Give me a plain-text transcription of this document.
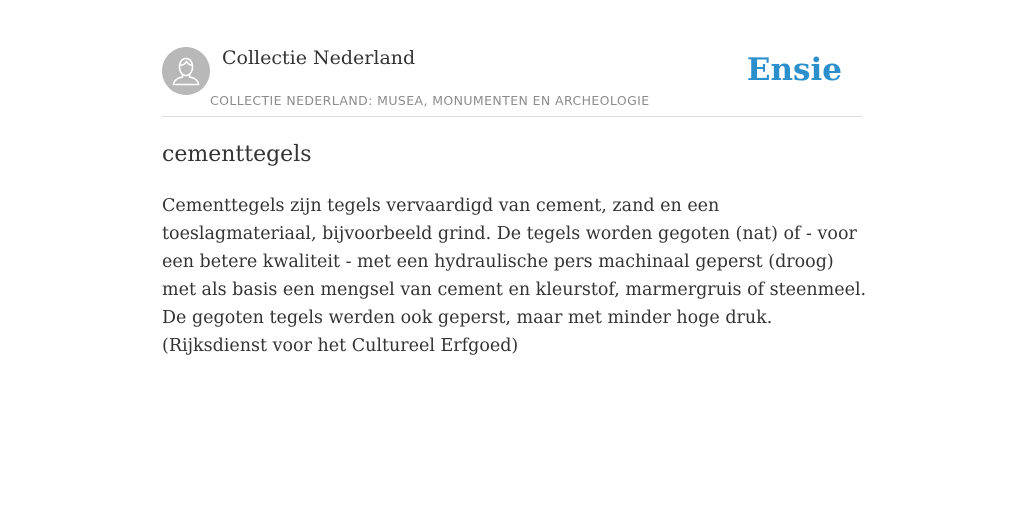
Collectie Nederland
COLLECTIE NEDERLAND: MUSEA, MONUMENTEN EN ARCHEOLOGIE
Ensie
cementtegels

Cementtegels zijn tegels vervaardigd van cement, zand en een toeslagmateriaal, bijvoorbeeld grind. De tegels worden gegoten (nat) of - voor een betere kwaliteit - met een hydraulische pers machinaal geperst (droog) met als basis een mengsel van cement en kleurstof, marmergruis of steenmeel. De gegoten tegels werden ook geperst, maar met minder hoge druk. (Rijksdienst voor het Cultureel Erfgoed)
